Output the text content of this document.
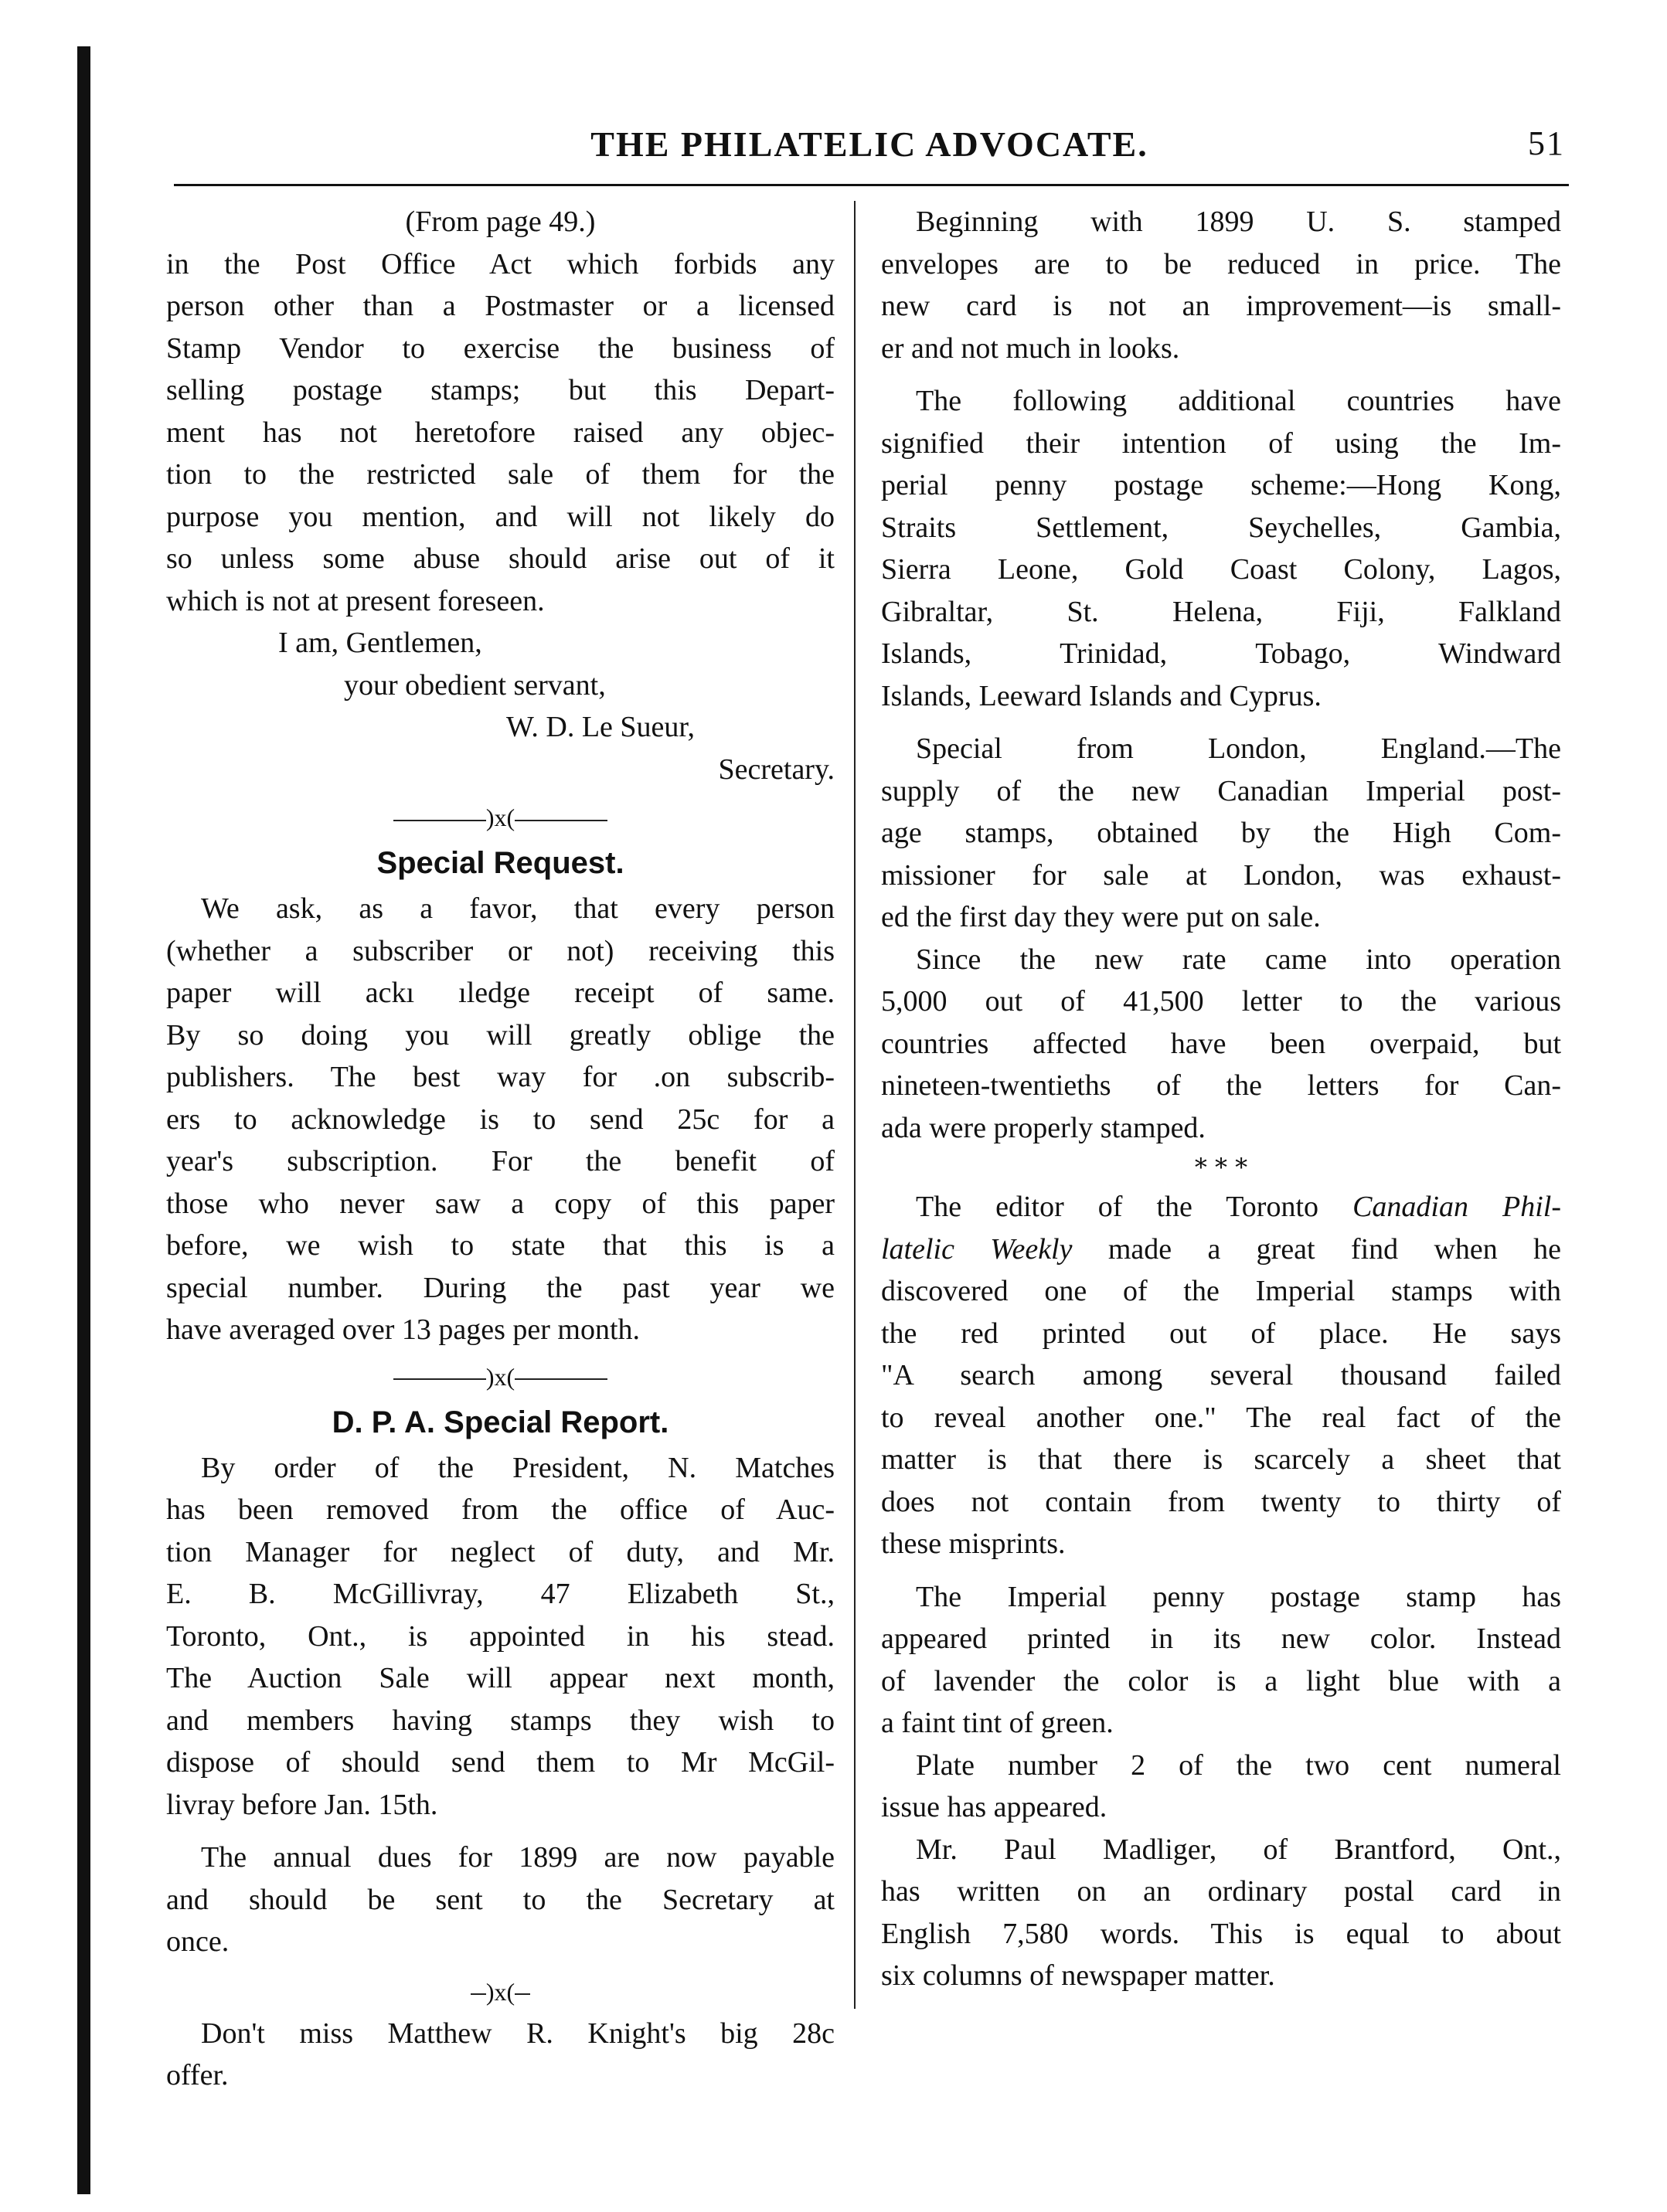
THE PHILATELIC ADVOCATE.	51
(From page 49.)
in the Post Office Act which forbids any
person other than a Postmaster or a licensed
Stamp Vendor to exercise the business of
selling postage stamps; but this Depart-
ment has not heretofore raised any objec-
tion to the restricted sale of them for the
purpose you mention, and will not likely do
so unless some abuse should arise out of it
which is not at present foreseen.
I am, Gentlemen,
your obedient servant,
W. D. Le Sueur,
Secretary.
)x(
Special Request.
We ask, as a favor, that every person
(whether a subscriber or not) receiving this
paper will ackı ıledge receipt of same.
By so doing you will greatly oblige the
publishers. The best way for .on subscrib-
ers to acknowledge is to send 25c for a
year's subscription. For the benefit of
those who never saw a copy of this paper
before, we wish to state that this is a
special number. During the past year we
have averaged over 13 pages per month.
)x(
D. P. A. Special Report.
By order of the President, N. Matches
has been removed from the office of Auc-
tion Manager for neglect of duty, and Mr.
E. B. McGillivray, 47 Elizabeth St.,
Toronto, Ont., is appointed in his stead.
The Auction Sale will appear next month,
and members having stamps they wish to
dispose of should send them to Mr McGil-
livray before Jan. 15th.
The annual dues for 1899 are now payable
and should be sent to the Secretary at
once.
)x(
Don't miss Matthew R. Knight's big 28c
offer.
Beginning with 1899 U. S. stamped
envelopes are to be reduced in price. The
new card is not an improvement—is small-
er and not much in looks.
The following additional countries have
signified their intention of using the Im-
perial penny postage scheme:—Hong Kong,
Straits Settlement, Seychelles, Gambia,
Sierra Leone, Gold Coast Colony, Lagos,
Gibraltar, St. Helena, Fiji, Falkland
Islands, Trinidad, Tobago, Windward
Islands, Leeward Islands and Cyprus.
Special from London, England.—The
supply of the new Canadian Imperial post-
age stamps, obtained by the High Com-
missioner for sale at London, was exhaust-
ed the first day they were put on sale.
Since the new rate came into operation
5,000 out of 41,500 letter to the various
countries affected have been overpaid, but
nineteen-twentieths of the letters for Can-
ada were properly stamped.
* * *
The editor of the Toronto Canadian Phil-
latelic Weekly made a great find when he
discovered one of the Imperial stamps with
the red printed out of place. He says
"A search among several thousand failed
to reveal another one." The real fact of the
matter is that there is scarcely a sheet that
does not contain from twenty to thirty of
these misprints.
The Imperial penny postage stamp has
appeared printed in its new color. Instead
of lavender the color is a light blue with a
a faint tint of green.
Plate number 2 of the two cent numeral
issue has appeared.
Mr. Paul Madliger, of Brantford, Ont.,
has written on an ordinary postal card in
English 7,580 words. This is equal to about
six columns of newspaper matter.
